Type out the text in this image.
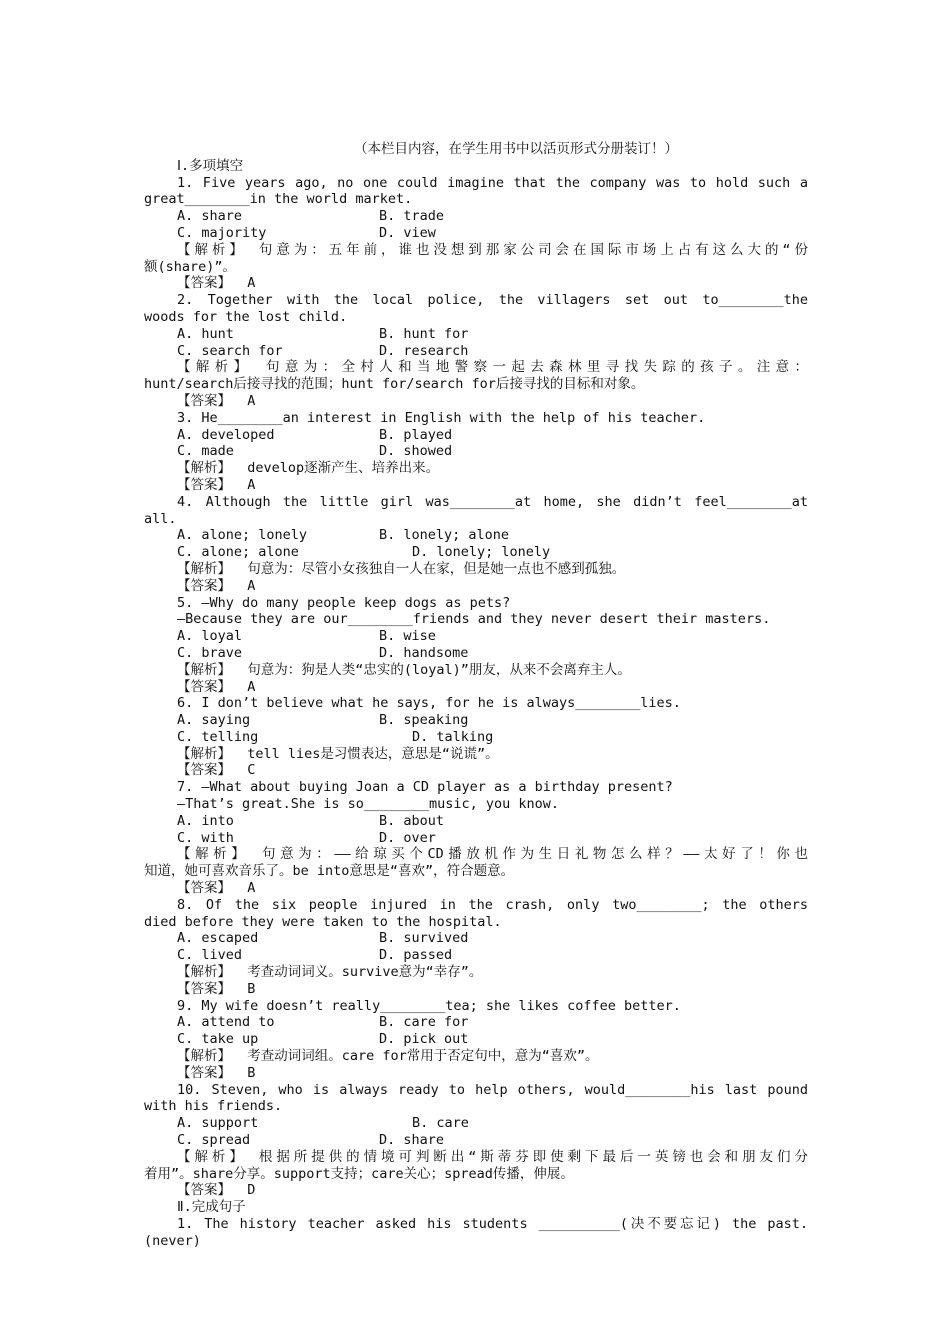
（本栏目内容，在学生用书中以活页形式分册装订！）
Ⅰ.多项填空
1. Five years ago, no one could imagine that the company was to hold such a
great________in the world market.
A. share	B. trade
C. majority	D. view
【解析】 句意为：五年前，谁也没想到那家公司会在国际市场上占有这么大的“份
额(share)”。
【答案】  A
2. Together with the local police, the villagers set out to________the
woods for the lost child.
A. hunt	B. hunt for
C. search for	D. research
【解析】 句意为：全村人和当地警察一起去森林里寻找失踪的孩子。注意：
hunt/search后接寻找的范围；hunt for/search for后接寻找的目标和对象。
【答案】  A
3. He________an interest in English with the help of his teacher.
A. developed	B. played
C. made	D. showed
【解析】  develop逐渐产生、培养出来。
【答案】  A
4. Although the little girl was________at home, she didn’t feel________at
all.
A. alone; lonely	B. lonely; alone
C. alone; alone	D. lonely; lonely
【解析】  句意为：尽管小女孩独自一人在家，但是她一点也不感到孤独。
【答案】  A
5. —Why do many people keep dogs as pets?
—Because they are our________friends and they never desert their masters.
A. loyal	B. wise
C. brave	D. handsome
【解析】  句意为：狗是人类“忠实的(loyal)”朋友，从来不会离弃主人。
【答案】  A
6. I don’t believe what he says, for he is always________lies.
A. saying	B. speaking
C. telling	D. talking
【解析】  tell lies是习惯表达，意思是“说谎”。
【答案】  C
7. —What about buying Joan a CD player as a birthday present?
—That’s great.She is so________music, you know.
A. into	B. about
C. with	D. over
【解析】 句意为：——给琼买个CD播放机作为生日礼物怎么样？——太好了！你也
知道，她可喜欢音乐了。be into意思是“喜欢”，符合题意。
【答案】  A
8. Of the six people injured in the crash, only two________; the others
died before they were taken to the hospital.
A. escaped	B. survived
C. lived	D. passed
【解析】  考查动词词义。survive意为“幸存”。
【答案】  B
9. My wife doesn’t really________tea; she likes coffee better.
A. attend to	B. care for
C. take up	D. pick out
【解析】  考查动词词组。care for常用于否定句中，意为“喜欢”。
【答案】  B
10. Steven, who is always ready to help others, would________his last pound
with his friends.
A. support	B. care
C. spread	D. share
【解析】 根据所提供的情境可判断出“斯蒂芬即使剩下最后一英镑也会和朋友们分
着用”。share分享。support支持；care关心；spread传播，伸展。
【答案】  D
Ⅱ.完成句子
1. The history teacher asked his students __________(决不要忘记) the past.
(never)
